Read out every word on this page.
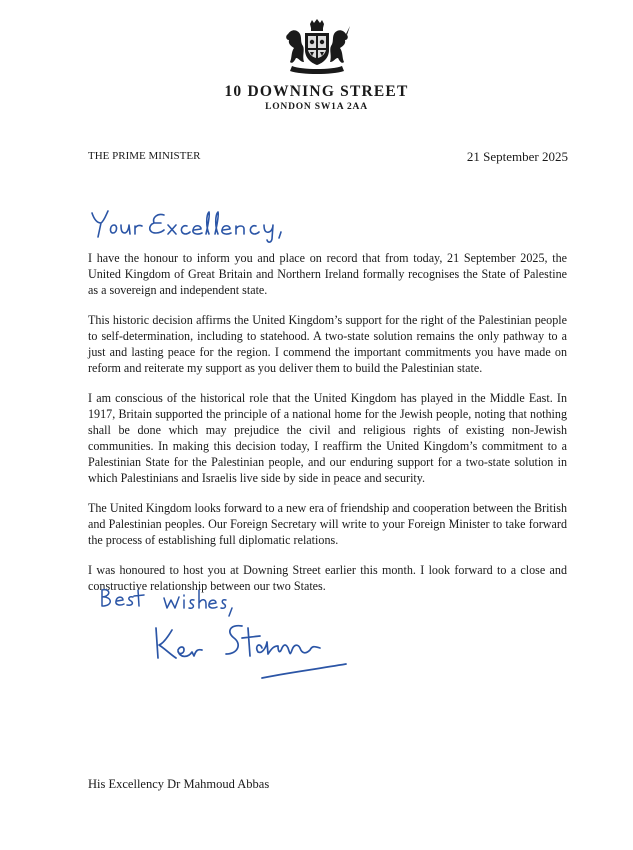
10 DOWNING STREET
LONDON SW1A 2AA
THE PRIME MINISTER	21 September 2025

I have the honour to inform you and place on record that from today, 21 September 2025, the United Kingdom of Great Britain and Northern Ireland formally recognises the State of Palestine as a sovereign and independent state.

This historic decision affirms the United Kingdom’s support for the right of the Palestinian people to self-determination, including to statehood. A two-state solution remains the only pathway to a just and lasting peace for the region. I commend the important commitments you have made on reform and reiterate my support as you deliver them to build the Palestinian state.

I am conscious of the historical role that the United Kingdom has played in the Middle East. In 1917, Britain supported the principle of a national home for the Jewish people, noting that nothing shall be done which may prejudice the civil and religious rights of existing non-Jewish communities. In making this decision today, I reaffirm the United Kingdom’s commitment to a Palestinian State for the Palestinian people, and our enduring support for a two-state solution in which Palestinians and Israelis live side by side in peace and security.

The United Kingdom looks forward to a new era of friendship and cooperation between the British and Palestinian peoples. Our Foreign Secretary will write to your Foreign Minister to take forward the process of establishing full diplomatic relations.

I was honoured to host you at Downing Street earlier this month. I look forward to a close and constructive relationship between our two States.

His Excellency Dr Mahmoud Abbas
